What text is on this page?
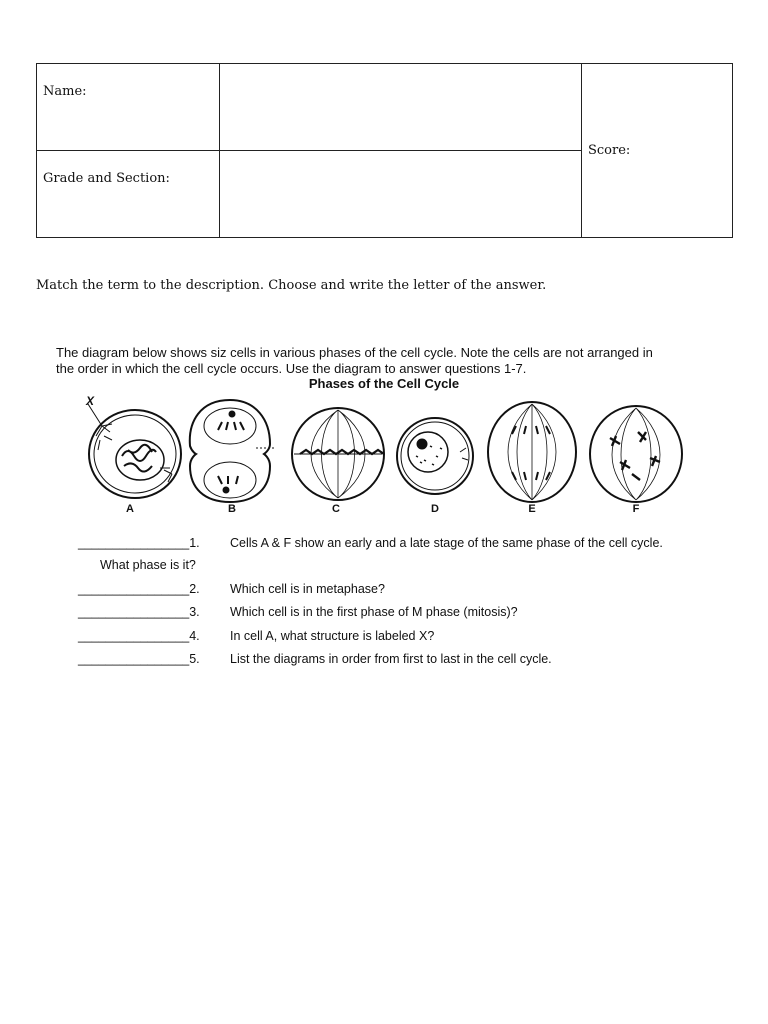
Name:		Score:
Grade and Section:		
Match the term to the description. Choose and write the letter of the answer.
The diagram below shows siz cells in various phases of the cell cycle. Note the cells are not arranged in
the order in which the cell cycle occurs. Use the diagram to answer questions 1-7.
Phases of the Cell Cycle
X
A	B	C	D	E	F
________________1. Cells A & F show an early and a late stage of the same phase of the cell cycle.
What phase is it?
________________2. Which cell is in metaphase?
________________3. Which cell is in the first phase of M phase (mitosis)?
________________4. In cell A, what structure is labeled X?
________________5. List the diagrams in order from first to last in the cell cycle.
